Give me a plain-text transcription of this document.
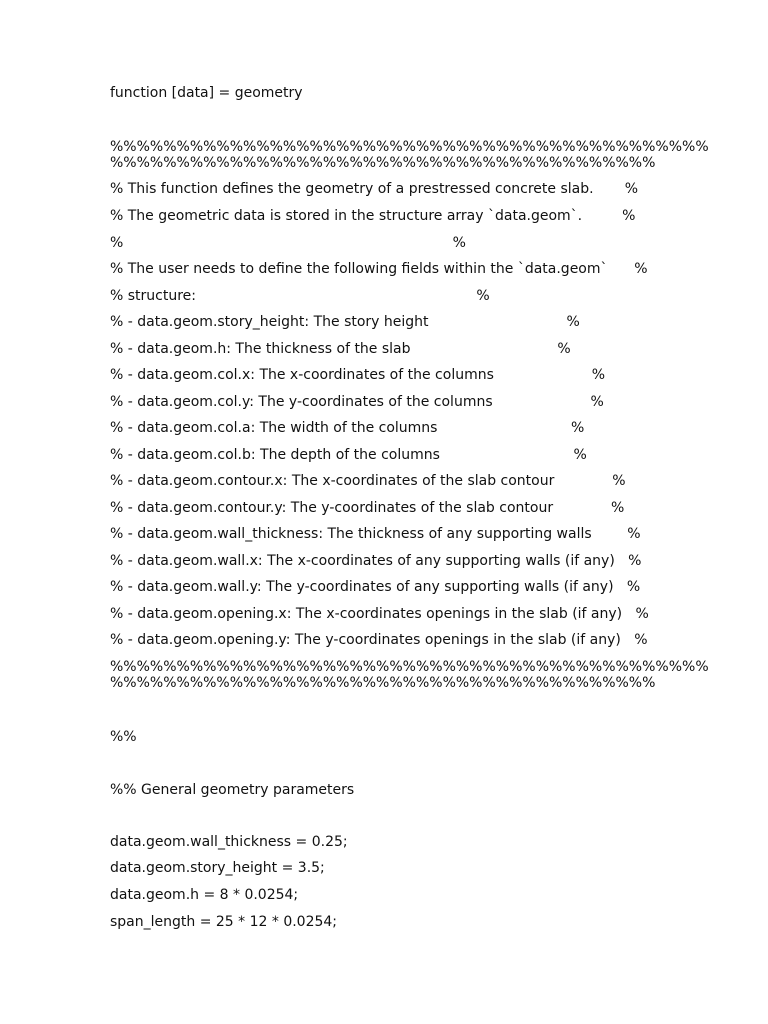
function [data] = geometry

%%%%%%%%%%%%%%%%%%%%%%%%%%%%%%%%%%%%%%%%%%%%%

%%%%%%%%%%%%%%%%%%%%%%%%%%%%%%%%%%%%%%%%%

% This function defines the geometry of a prestressed concrete slab.       %

% The geometric data is stored in the structure array `data.geom`.         %

%                                                                          %

% The user needs to define the following fields within the `data.geom`      %

% structure:                                                               %

% - data.geom.story_height: The story height                               %

% - data.geom.h: The thickness of the slab                                 %

% - data.geom.col.x: The x-coordinates of the columns                      %

% - data.geom.col.y: The y-coordinates of the columns                      %

% - data.geom.col.a: The width of the columns                              %

% - data.geom.col.b: The depth of the columns                              %

% - data.geom.contour.x: The x-coordinates of the slab contour             %

% - data.geom.contour.y: The y-coordinates of the slab contour             %

% - data.geom.wall_thickness: The thickness of any supporting walls        %

% - data.geom.wall.x: The x-coordinates of any supporting walls (if any)   %

% - data.geom.wall.y: The y-coordinates of any supporting walls (if any)   %

% - data.geom.opening.x: The x-coordinates openings in the slab (if any)   %

% - data.geom.opening.y: The y-coordinates openings in the slab (if any)   %

%%%%%%%%%%%%%%%%%%%%%%%%%%%%%%%%%%%%%%%%%%%%%

%%%%%%%%%%%%%%%%%%%%%%%%%%%%%%%%%%%%%%%%%

%%

%% General geometry parameters

data.geom.wall_thickness = 0.25;

data.geom.story_height = 3.5;

data.geom.h = 8 * 0.0254;

span_length = 25 * 12 * 0.0254;
